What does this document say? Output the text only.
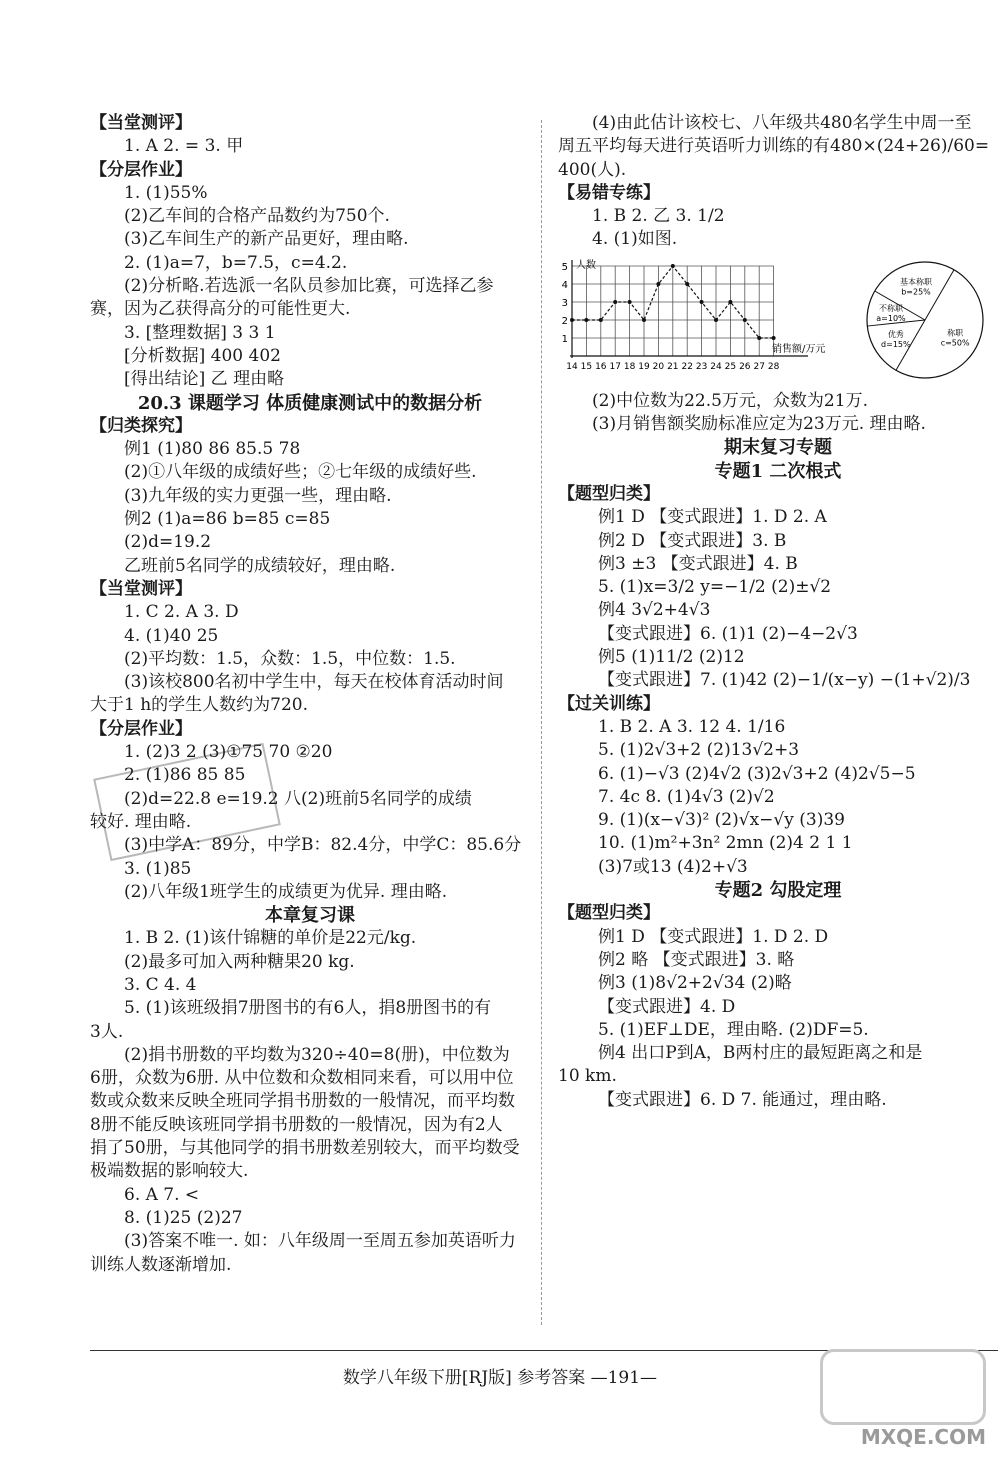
【当堂测评】
1. A 2. = 3. 甲
【分层作业】
1. (1)55%
(2)乙车间的合格产品数约为750个.
(3)乙车间生产的新产品更好，理由略.
2. (1)a=7，b=7.5，c=4.2.
(2)分析略.若选派一名队员参加比赛，可选择乙参
赛，因为乙获得高分的可能性更大.
3. [整理数据] 3 3 1
[分析数据] 400 402
[得出结论] 乙 理由略
20.3 课题学习 体质健康测试中的数据分析
【归类探究】
例1 (1)80 86 85.5 78
(2)①八年级的成绩好些；②七年级的成绩好些.
(3)九年级的实力更强一些，理由略.
例2 (1)a=86 b=85 c=85
(2)d=19.2
乙班前5名同学的成绩较好，理由略.
【当堂测评】
1. C 2. A 3. D
4. (1)40 25
(2)平均数：1.5，众数：1.5，中位数：1.5.
(3)该校800名初中学生中，每天在校体育活动时间
大于1 h的学生人数约为720.
【分层作业】
1. (2)3 2 (3)①75 70 ②20
2. (1)86 85 85
(2)d=22.8 e=19.2 八(2)班前5名同学的成绩
较好. 理由略.
(3)中学A：89分，中学B：82.4分，中学C：85.6分
3. (1)85
(2)八年级1班学生的成绩更为优异. 理由略.
本章复习课
1. B 2. (1)该什锦糖的单价是22元/kg.
(2)最多可加入两种糖果20 kg.
3. C 4. 4
5. (1)该班级捐7册图书的有6人，捐8册图书的有
3人.
(2)捐书册数的平均数为320÷40=8(册)，中位数为
6册，众数为6册. 从中位数和众数相同来看，可以用中位
数或众数来反映全班同学捐书册数的一般情况，而平均数
8册不能反映该班同学捐书册数的一般情况，因为有2人
捐了50册，与其他同学的捐书册数差别较大，而平均数受
极端数据的影响较大.
6. A 7. <
8. (1)25 (2)27
(3)答案不唯一. 如：八年级周一至周五参加英语听力
训练人数逐渐增加.
(4)由此估计该校七、八年级共480名学生中周一至
周五平均每天进行英语听力训练的有480×(24+26)/60=
400(人).
【易错专练】
1. B 2. 乙 3. 1/2
4. (1)如图.
1
2
3
4
5 人数
销售额/万元
14 15 16 17 18 19 20 21 22 23 24 25 26 27 28
基本称职
b=25%
称职
c=50%
优秀
d=15%
不称职
a=10%
(2)中位数为22.5万元，众数为21万.
(3)月销售额奖励标准应定为23万元. 理由略.
期末复习专题
专题1 二次根式
【题型归类】
例1 D 【变式跟进】1. D 2. A
例2 D 【变式跟进】3. B
例3 ±3 【变式跟进】4. B
5. (1)x=3/2 y=−1/2 (2)±√2
例4 3√2+4√3
【变式跟进】6. (1)1 (2)−4−2√3
例5 (1)11/2 (2)12
【变式跟进】7. (1)42 (2)−1/(x−y) −(1+√2)/3
【过关训练】
1. B 2. A 3. 12 4. 1/16
5. (1)2√3+2 (2)13√2+3
6. (1)−√3 (2)4√2 (3)2√3+2 (4)2√5−5
7. 4c 8. (1)4√3 (2)√2
9. (1)(x−√3)² (2)√x−√y (3)39
10. (1)m²+3n² 2mn (2)4 2 1 1
(3)7或13 (4)2+√3
专题2 勾股定理
【题型归类】
例1 D 【变式跟进】1. D 2. D
例2 略 【变式跟进】3. 略
例3 (1)8√2+2√34 (2)略
【变式跟进】4. D
5. (1)EF⊥DE，理由略. (2)DF=5.
例4 出口P到A，B两村庄的最短距离之和是
10 km.
【变式跟进】6. D 7. 能通过，理由略.
数学八年级下册[RJ版] 参考答案 —191—
MXQE.COM
